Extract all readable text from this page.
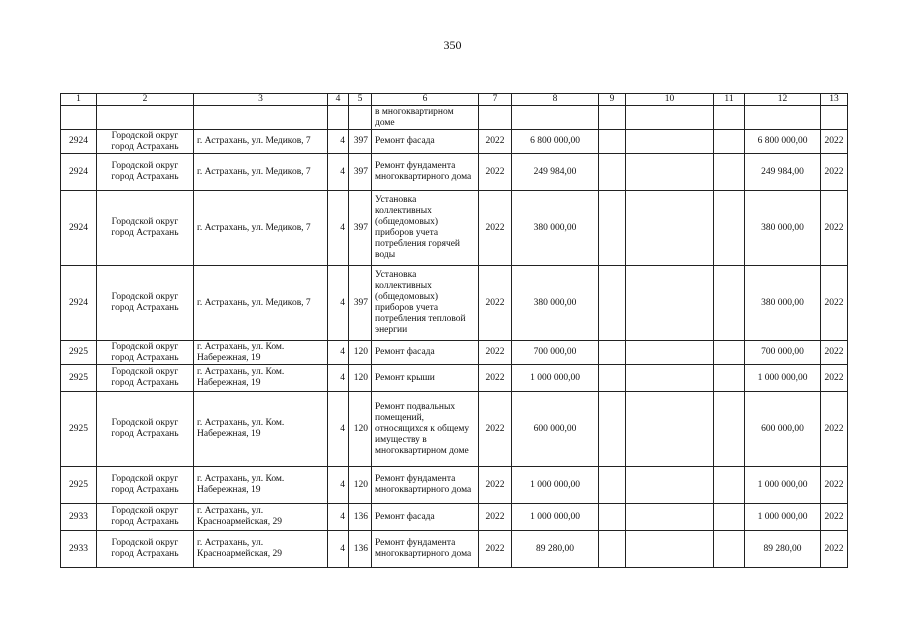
350
1	2	3	4	5	6	7	8	9	10	11	12	13
					в многоквартирном доме							
2924	Городской округ город Астрахань	г. Астрахань, ул. Медиков, 7	4	397	Ремонт фасада	2022	6 800 000,00				6 800 000,00	2022
2924	Городской округ город Астрахань	г. Астрахань, ул. Медиков, 7	4	397	Ремонт фундамента многоквартирного дома	2022	249 984,00				249 984,00	2022
2924	Городской округ город Астрахань	г. Астрахань, ул. Медиков, 7	4	397	Установка коллективных (общедомовых) приборов учета потребления горячей воды	2022	380 000,00				380 000,00	2022
2924	Городской округ город Астрахань	г. Астрахань, ул. Медиков, 7	4	397	Установка коллективных (общедомовых) приборов учета потребления тепловой энергии	2022	380 000,00				380 000,00	2022
2925	Городской округ город Астрахань	г. Астрахань, ул. Ком. Набережная, 19	4	120	Ремонт фасада	2022	700 000,00				700 000,00	2022
2925	Городской округ город Астрахань	г. Астрахань, ул. Ком. Набережная, 19	4	120	Ремонт крыши	2022	1 000 000,00				1 000 000,00	2022
2925	Городской округ город Астрахань	г. Астрахань, ул. Ком. Набережная, 19	4	120	Ремонт подвальных помещений, относящихся к общему имуществу в многоквартирном доме	2022	600 000,00				600 000,00	2022
2925	Городской округ город Астрахань	г. Астрахань, ул. Ком. Набережная, 19	4	120	Ремонт фундамента многоквартирного дома	2022	1 000 000,00				1 000 000,00	2022
2933	Городской округ город Астрахань	г. Астрахань, ул. Красноармейская, 29	4	136	Ремонт фасада	2022	1 000 000,00				1 000 000,00	2022
2933	Городской округ город Астрахань	г. Астрахань, ул. Красноармейская, 29	4	136	Ремонт фундамента многоквартирного дома	2022	89 280,00				89 280,00	2022
